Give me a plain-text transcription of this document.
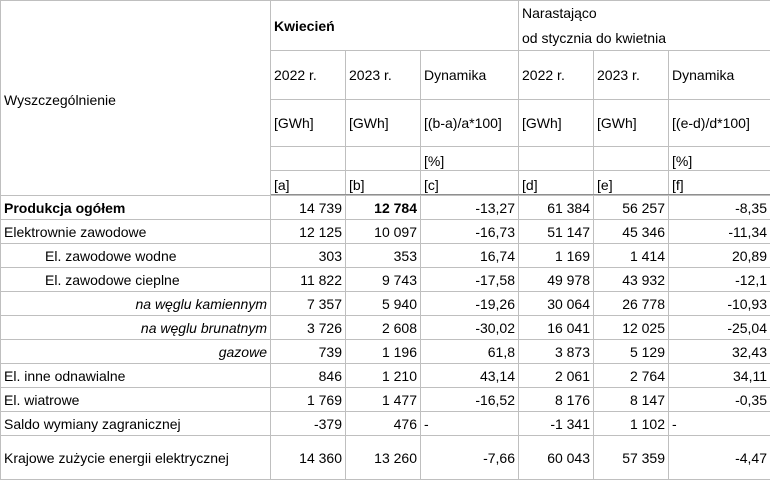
Wyszczególnienie	Kwiecień			Narastająco		
				od stycznia do kwietnia		
	2022 r.	2023 r.	Dynamika	2022 r.	2023 r.	Dynamika
	[GWh]	[GWh]	[(b-a)/a*100]	[GWh]	[GWh]	[(e-d)/d*100]
			[%]			[%]
	[a]	[b]	[c]	[d]	[e]	[f]

Produkcja ogółem	14 739	12 784	-13,27	61 384	56 257	-8,35
Elektrownie zawodowe	12 125	10 097	-16,73	51 147	45 346	-11,34
El. zawodowe wodne	303	353	16,74	1 169	1 414	20,89
El. zawodowe cieplne	11 822	9 743	-17,58	49 978	43 932	-12,1
na węglu kamiennym	7 357	5 940	-19,26	30 064	26 778	-10,93
na węglu brunatnym	3 726	2 608	-30,02	16 041	12 025	-25,04
gazowe	739	1 196	61,8	3 873	5 129	32,43
El. inne odnawialne	846	1 210	43,14	2 061	2 764	34,11
El. wiatrowe	1 769	1 477	-16,52	8 176	8 147	-0,35
Saldo wymiany zagranicznej	-379	476	-	-1 341	1 102	-
Krajowe zużycie energii elektrycznej	14 360	13 260	-7,66	60 043	57 359	-4,47
